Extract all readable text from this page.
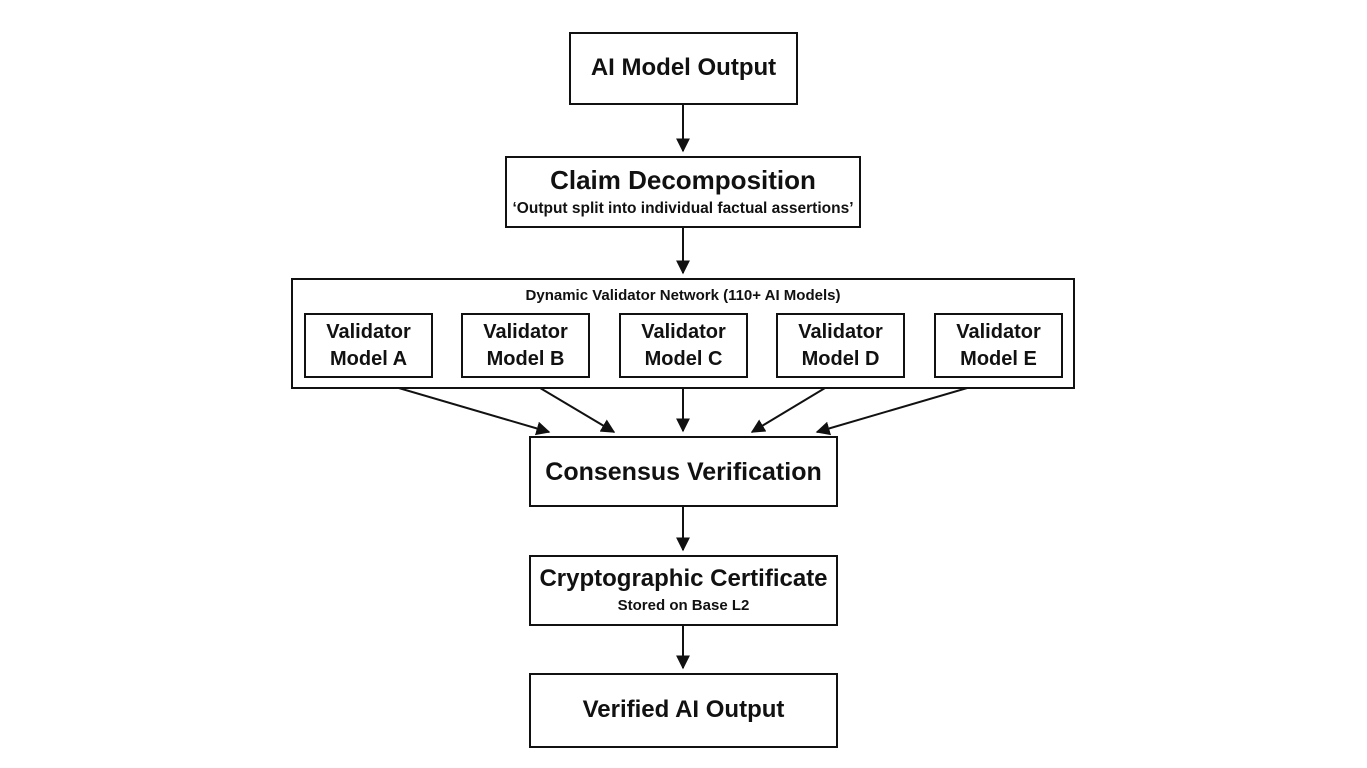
AI Model Output
Claim Decomposition
‘Output split into individual factual assertions’
Dynamic Validator Network (110+ AI Models)
Validator Model A
Validator Model B
Validator Model C
Validator Model D
Validator Model E
Consensus Verification
Cryptographic Certificate
Stored on Base L2
Verified AI Output
